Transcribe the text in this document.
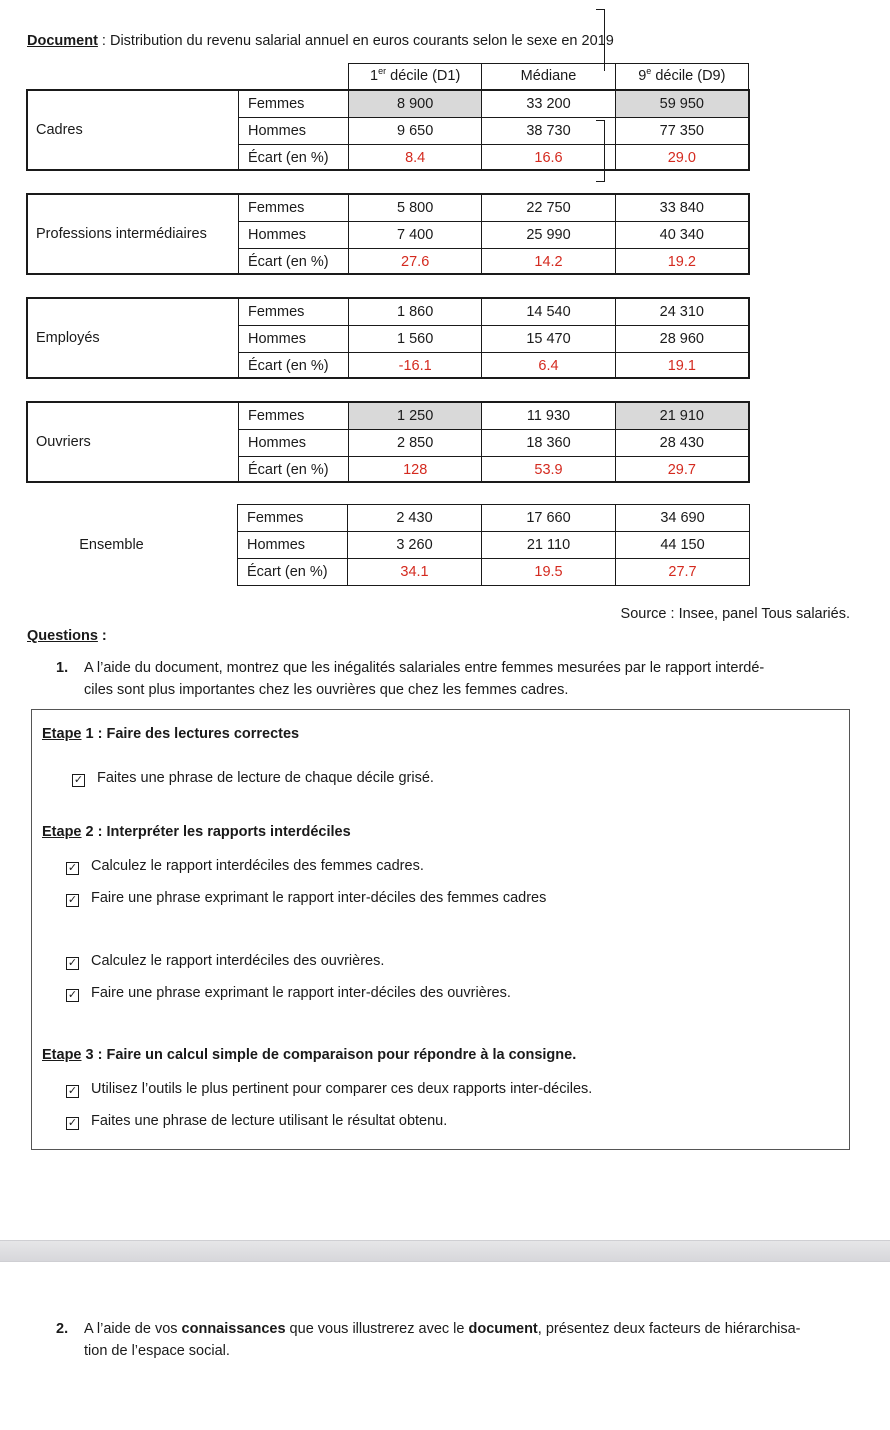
Document : Distribution du revenu salarial annuel en euros courants selon le sexe en 2019
1er décile (D1)	Médiane	9e décile (D9)
Cadres
Femmes	8 900	33 200	59 950
Hommes	9 650	38 730	77 350
Écart (en %)	8.4	16.6	29.0
Professions intermédiaires
Femmes	5 800	22 750	33 840
Hommes	7 400	25 990	40 340
Écart (en %)	27.6	14.2	19.2
Employés
Femmes	1 860	14 540	24 310
Hommes	1 560	15 470	28 960
Écart (en %)	-16.1	6.4	19.1
Ouvriers
Femmes	1 250	11 930	21 910
Hommes	2 850	18 360	28 430
Écart (en %)	128	53.9	29.7
Ensemble
Femmes	2 430	17 660	34 690
Hommes	3 260	21 110	44 150
Écart (en %)	34.1	19.5	27.7
Source : Insee, panel Tous salariés.
Questions :
1. A l’aide du document, montrez que les inégalités salariales entre femmes mesurées par le rapport interdé-
ciles sont plus importantes chez les ouvrières que chez les femmes cadres.
Etape 1 : Faire des lectures correctes
✓ Faites une phrase de lecture de chaque décile grisé.
Etape 2 : Interpréter les rapports interdéciles
✓ Calculez le rapport interdéciles des femmes cadres.
✓ Faire une phrase exprimant le rapport inter-déciles des femmes cadres
✓ Calculez le rapport interdéciles des ouvrières.
✓ Faire une phrase exprimant le rapport inter-déciles des ouvrières.
Etape 3 : Faire un calcul simple de comparaison pour répondre à la consigne.
✓ Utilisez l’outils le plus pertinent pour comparer ces deux rapports inter-déciles.
✓ Faites une phrase de lecture utilisant le résultat obtenu.
2. A l’aide de vos connaissances que vous illustrerez avec le document, présentez deux facteurs de hiérarchisa-
tion de l’espace social.
